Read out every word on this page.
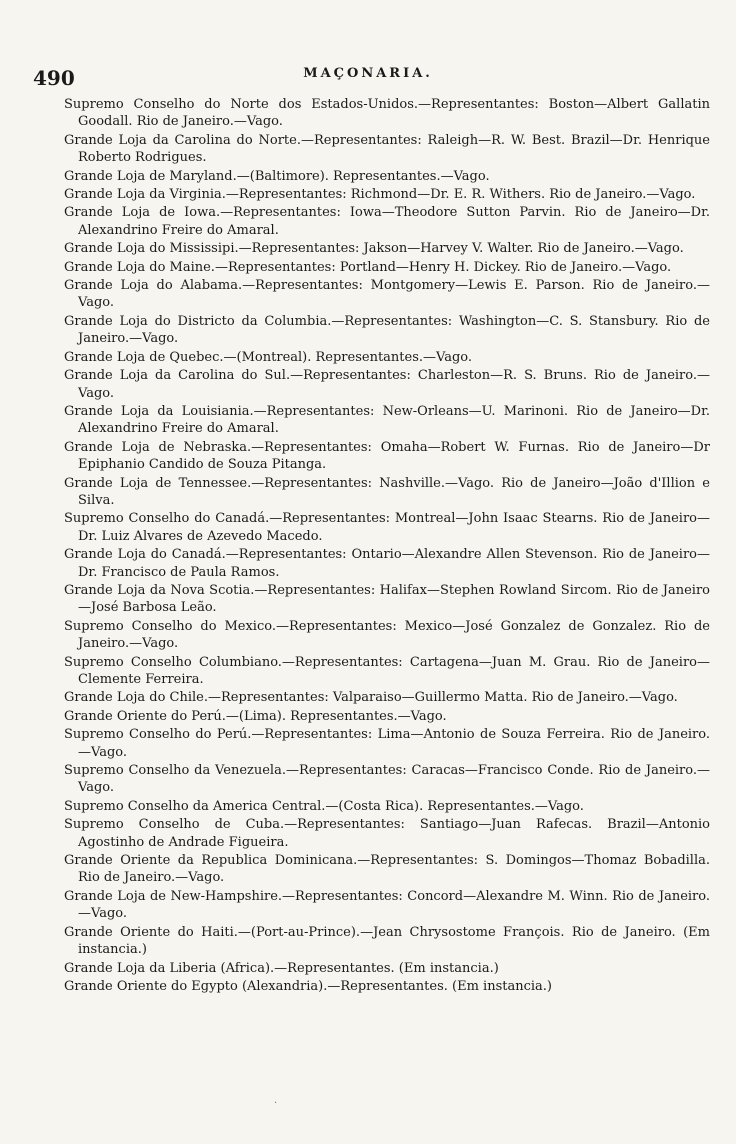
490	MAÇONARIA.

Supremo Conselho do Norte dos Estados-Unidos.—Representantes: Boston—Albert Gallatin Goodall. Rio de Janeiro.—Vago.

Grande Loja da Carolina do Norte.—Representantes: Raleigh—R. W. Best. Brazil—Dr. Henrique Roberto Rodrigues.

Grande Loja de Maryland.—(Baltimore). Representantes.—Vago.

Grande Loja da Virginia.—Representantes: Richmond—Dr. E. R. Withers. Rio de Janeiro.—Vago.

Grande Loja de Iowa.—Representantes: Iowa—Theodore Sutton Parvin. Rio de Janeiro—Dr. Alexandrino Freire do Amaral.

Grande Loja do Mississipi.—Representantes: Jakson—Harvey V. Walter. Rio de Janeiro.—Vago.

Grande Loja do Maine.—Representantes: Portland—Henry H. Dickey. Rio de Janeiro.—Vago.

Grande Loja do Alabama.—Representantes: Montgomery—Lewis E. Parson. Rio de Janeiro.—Vago.

Grande Loja do Districto da Columbia.—Representantes: Washington—C. S. Stansbury. Rio de Janeiro.—Vago.

Grande Loja de Quebec.—(Montreal). Representantes.—Vago.

Grande Loja da Carolina do Sul.—Representantes: Charleston—R. S. Bruns. Rio de Janeiro.—Vago.

Grande Loja da Louisiania.—Representantes: New-Orleans—U. Marinoni. Rio de Janeiro—Dr. Alexandrino Freire do Amaral.

Grande Loja de Nebraska.—Representantes: Omaha—Robert W. Furnas. Rio de Janeiro—Dr Epiphanio Candido de Souza Pitanga.

Grande Loja de Tennessee.—Representantes: Nashville.—Vago. Rio de Janeiro—João d'Illion e Silva.

Supremo Conselho do Canadá.—Representantes: Montreal—John Isaac Stearns. Rio de Janeiro—Dr. Luiz Alvares de Azevedo Macedo.

Grande Loja do Canadá.—Representantes: Ontario—Alexandre Allen Stevenson. Rio de Janeiro—Dr. Francisco de Paula Ramos.

Grande Loja da Nova Scotia.—Representantes: Halifax—Stephen Rowland Sircom. Rio de Janeiro—José Barbosa Leão.

Supremo Conselho do Mexico.—Representantes: Mexico—José Gonzalez de Gonzalez. Rio de Janeiro.—Vago.

Supremo Conselho Columbiano.—Representantes: Cartagena—Juan M. Grau. Rio de Janeiro—Clemente Ferreira.

Grande Loja do Chile.—Representantes: Valparaiso—Guillermo Matta. Rio de Janeiro.—Vago.

Grande Oriente do Perú.—(Lima). Representantes.—Vago.

Supremo Conselho do Perú.—Representantes: Lima—Antonio de Souza Ferreira. Rio de Janeiro.—Vago.

Supremo Conselho da Venezuela.—Representantes: Caracas—Francisco Conde. Rio de Janeiro.—Vago.

Supremo Conselho da America Central.—(Costa Rica). Representantes.—Vago.

Supremo Conselho de Cuba.—Representantes: Santiago—Juan Rafecas. Brazil—Antonio Agostinho de Andrade Figueira.

Grande Oriente da Republica Dominicana.—Representantes: S. Domingos—Thomaz Bobadilla. Rio de Janeiro.—Vago.

Grande Loja de New-Hampshire.—Representantes: Concord—Alexandre M. Winn. Rio de Janeiro.—Vago.

Grande Oriente do Haiti.—(Port-au-Prince).—Jean Chrysostome François. Rio de Janeiro. (Em instancia.)

Grande Loja da Liberia (Africa).—Representantes. (Em instancia.)

Grande Oriente do Egypto (Alexandria).—Representantes. (Em instancia.)

·
